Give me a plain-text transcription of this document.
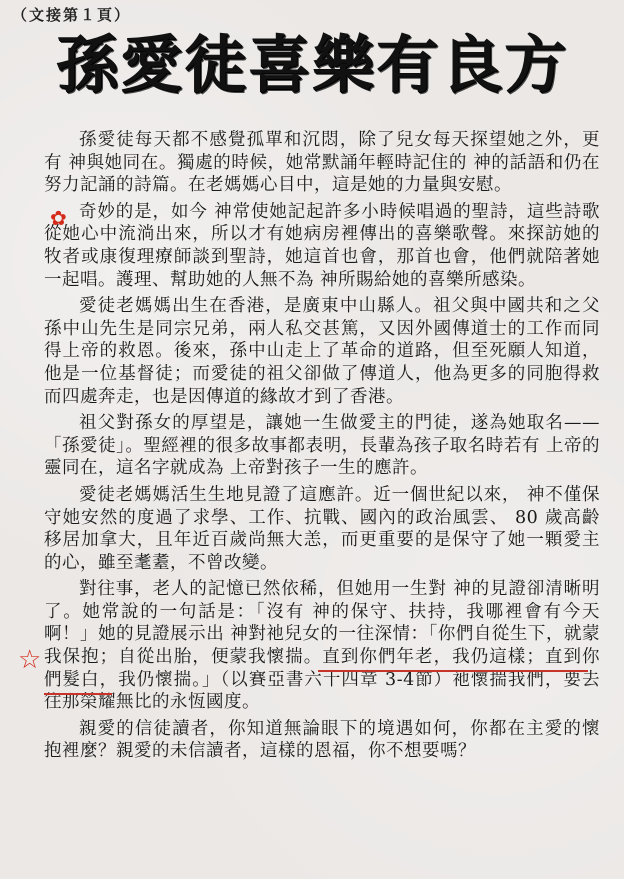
（文接第１頁）
孫愛徒喜樂有良方

孫愛徒每天都不感覺孤單和沉悶，除了兒女每天探望她之外，更有 神與她同在。獨處的時候，她常默誦年輕時記住的 神的話語和仍在努力記誦的詩篇。在老媽媽心目中，這是她的力量與安慰。

奇妙的是，如今 神常使她記起許多小時候唱過的聖詩，這些詩歌從她心中流淌出來，所以才有她病房裡傳出的喜樂歌聲。來探訪她的牧者或康復理療師談到聖詩，她這首也會，那首也會，他們就陪著她一起唱。護理、幫助她的人無不為 神所賜給她的喜樂所感染。

愛徒老媽媽出生在香港，是廣東中山縣人。祖父與中國共和之父孫中山先生是同宗兄弟，兩人私交甚篤，又因外國傳道士的工作而同得上帝的救恩。後來，孫中山走上了革命的道路，但至死願人知道，他是一位基督徒；而愛徒的祖父卻做了傳道人，他為更多的同胞得救而四處奔走，也是因傳道的緣故才到了香港。

祖父對孫女的厚望是，讓她一生做愛主的門徒，遂為她取名——「孫愛徒」。聖經裡的很多故事都表明，長輩為孩子取名時若有 上帝的靈同在，這名字就成為 上帝對孩子一生的應許。

愛徒老媽媽活生生地見證了這應許。近一個世紀以來， 神不僅保守她安然的度過了求學、工作、抗戰、國內的政治風雲、 80 歲高齡移居加拿大，且年近百歲尚無大恙，而更重要的是保守了她一顆愛主的心，雖至耄耋，不曾改變。

對往事，老人的記憶已然依稀，但她用一生對 神的見證卻清晰明了。她常說的一句話是：「沒有 神的保守、扶持，我哪裡會有今天啊！」她的見證展示出 神對祂兒女的一往深情：「你們自從生下，就蒙我保抱；自從出胎，便蒙我懷揣。直到你們年老，我仍這樣；直到你們髮白，我仍懷揣。」（以賽亞書六十四章 3-4節）祂懷揣我們，要去往那榮耀無比的永恆國度。

親愛的信徒讀者，你知道無論眼下的境遇如何，你都在主愛的懷抱裡麼？親愛的未信讀者，這樣的恩福，你不想要嗎？

✿
☆
